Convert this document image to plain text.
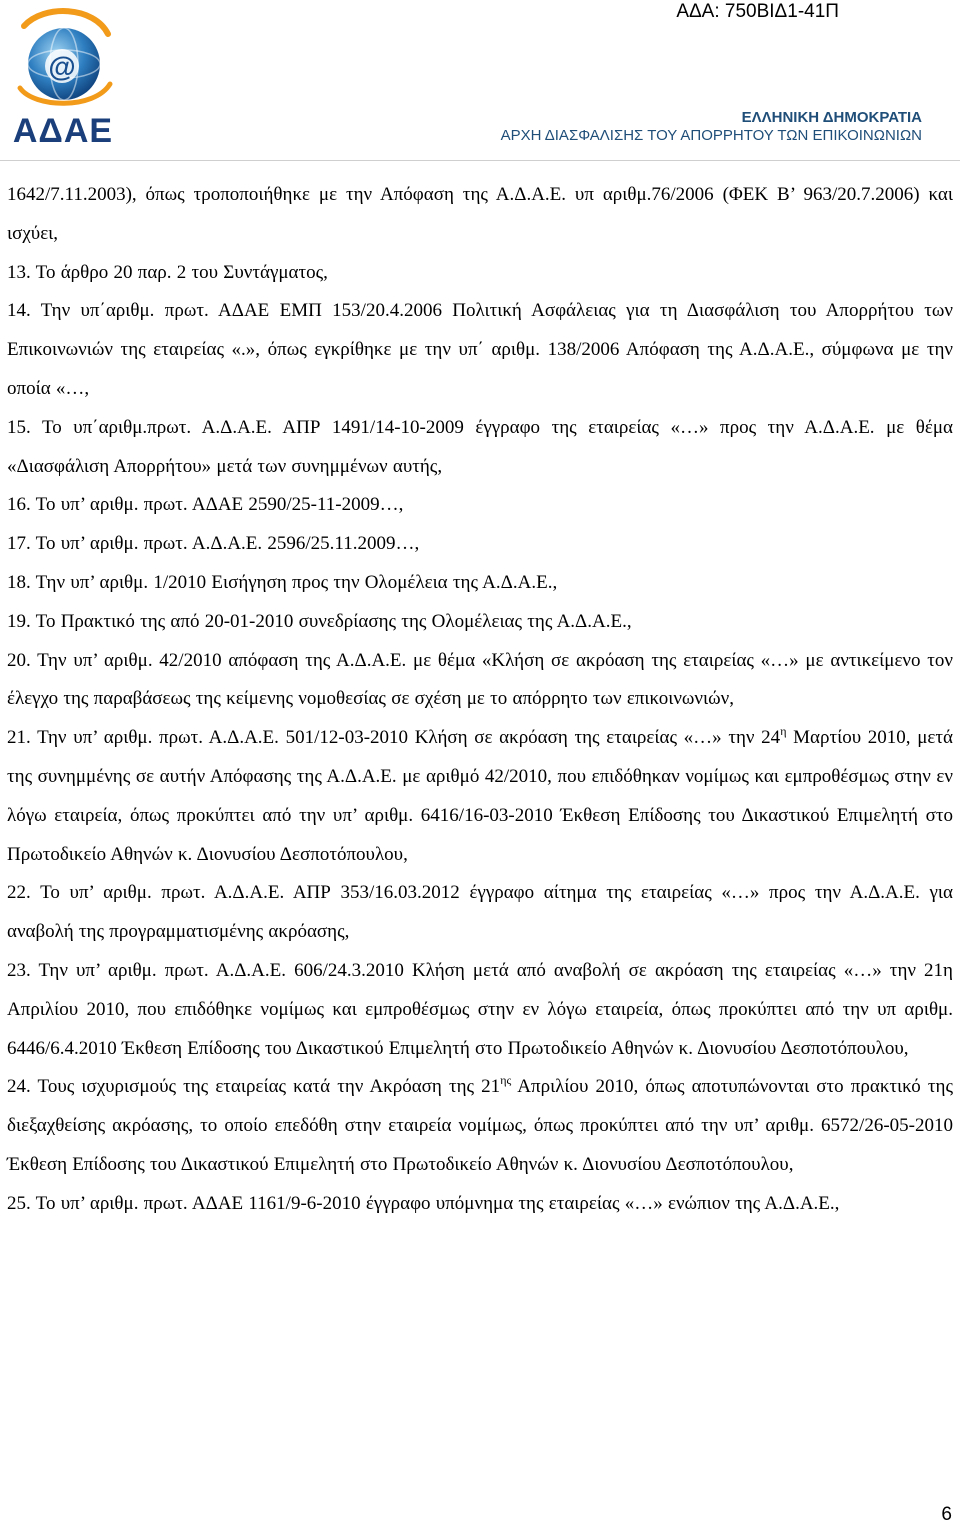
ΑΔΑ: 750ΒΙΔ1-41Π
@
ΑΔΑΕ	ΕΛΛΗΝΙΚΗ ΔΗΜΟΚΡΑΤΙΑ
ΑΡΧΗ ΔΙΑΣΦΑΛΙΣΗΣ ΤΟΥ ΑΠΟΡΡΗΤΟΥ ΤΩΝ ΕΠΙΚΟΙΝΩΝΙΩΝ

1642/7.11.2003), όπως τροποποιήθηκε με την Απόφαση της Α.Δ.Α.Ε. υπ αριθμ.76/2006 (ΦΕΚ Β’ 963/20.7.2006) και ισχύει,

13. Το άρθρο 20 παρ. 2 του Συντάγματος,

14. Την υπ΄αριθμ. πρωτ. ΑΔΑΕ ΕΜΠ 153/20.4.2006 Πολιτική Ασφάλειας για τη Διασφάλιση του Απορρήτου των Επικοινωνιών της εταιρείας «.», όπως εγκρίθηκε με την υπ΄ αριθμ. 138/2006 Απόφαση της Α.Δ.Α.Ε., σύμφωνα με την οποία «…,

15. Το υπ΄αριθμ.πρωτ. Α.Δ.Α.Ε. ΑΠΡ 1491/14-10-2009 έγγραφο της εταιρείας «…» προς την Α.Δ.Α.Ε. με θέμα «Διασφάλιση Απορρήτου» μετά των συνημμένων αυτής,

16. Το υπ’ αριθμ. πρωτ. ΑΔΑΕ 2590/25-11-2009…,

17. Το υπ’ αριθμ. πρωτ. Α.Δ.Α.Ε. 2596/25.11.2009…,

18. Την υπ’ αριθμ. 1/2010 Εισήγηση προς την Ολομέλεια της Α.Δ.Α.Ε.,

19. Το Πρακτικό της από 20-01-2010 συνεδρίασης της Ολομέλειας της Α.Δ.Α.Ε.,

20. Την υπ’ αριθμ. 42/2010 απόφαση της Α.Δ.Α.Ε. με θέμα «Κλήση σε ακρόαση της εταιρείας «…» με αντικείμενο τον έλεγχο της παραβάσεως της κείμενης νομοθεσίας σε σχέση με το απόρρητο των επικοινωνιών,

21. Την υπ’ αριθμ. πρωτ. Α.Δ.Α.Ε. 501/12-03-2010 Κλήση σε ακρόαση της εταιρείας «…» την $24^\eta$ Μαρτίου 2010, μετά της συνημμένης σε αυτήν Απόφασης της Α.Δ.Α.Ε. με αριθμό 42/2010, που επιδόθηκαν νομίμως και εμπροθέσμως στην εν λόγω εταιρεία, όπως προκύπτει από την υπ’ αριθμ. 6416/16-03-2010 Έκθεση Επίδοσης του Δικαστικού Επιμελητή στο Πρωτοδικείο Αθηνών κ. Διονυσίου Δεσποτόπουλου,

22. Το υπ’ αριθμ. πρωτ. Α.Δ.Α.Ε. ΑΠΡ 353/16.03.2012 έγγραφο αίτημα της εταιρείας «…» προς την Α.Δ.Α.Ε. για αναβολή της προγραμματισμένης ακρόασης,

23. Την υπ’ αριθμ. πρωτ. Α.Δ.Α.Ε. 606/24.3.2010 Κλήση μετά από αναβολή σε ακρόαση της εταιρείας «…» την 21η Απριλίου 2010, που επιδόθηκε νομίμως και εμπροθέσμως στην εν λόγω εταιρεία, όπως προκύπτει από την υπ αριθμ. 6446/6.4.2010 Έκθεση Επίδοσης του Δικαστικού Επιμελητή στο Πρωτοδικείο Αθηνών κ. Διονυσίου Δεσποτόπουλου,

24. Τους ισχυρισμούς της εταιρείας κατά την Ακρόαση της $21^{\eta\varsigma}$ Απριλίου 2010, όπως αποτυπώνονται στο πρακτικό της διεξαχθείσης ακρόασης, το οποίο επεδόθη στην εταιρεία νομίμως, όπως προκύπτει από την υπ’ αριθμ. 6572/26-05-2010 Έκθεση Επίδοσης του Δικαστικού Επιμελητή στο Πρωτοδικείο Αθηνών κ. Διονυσίου Δεσποτόπουλου,

25. Το υπ’ αριθμ. πρωτ. ΑΔΑΕ 1161/9-6-2010 έγγραφο υπόμνημα της εταιρείας «…» ενώπιον της Α.Δ.Α.Ε.,

6
